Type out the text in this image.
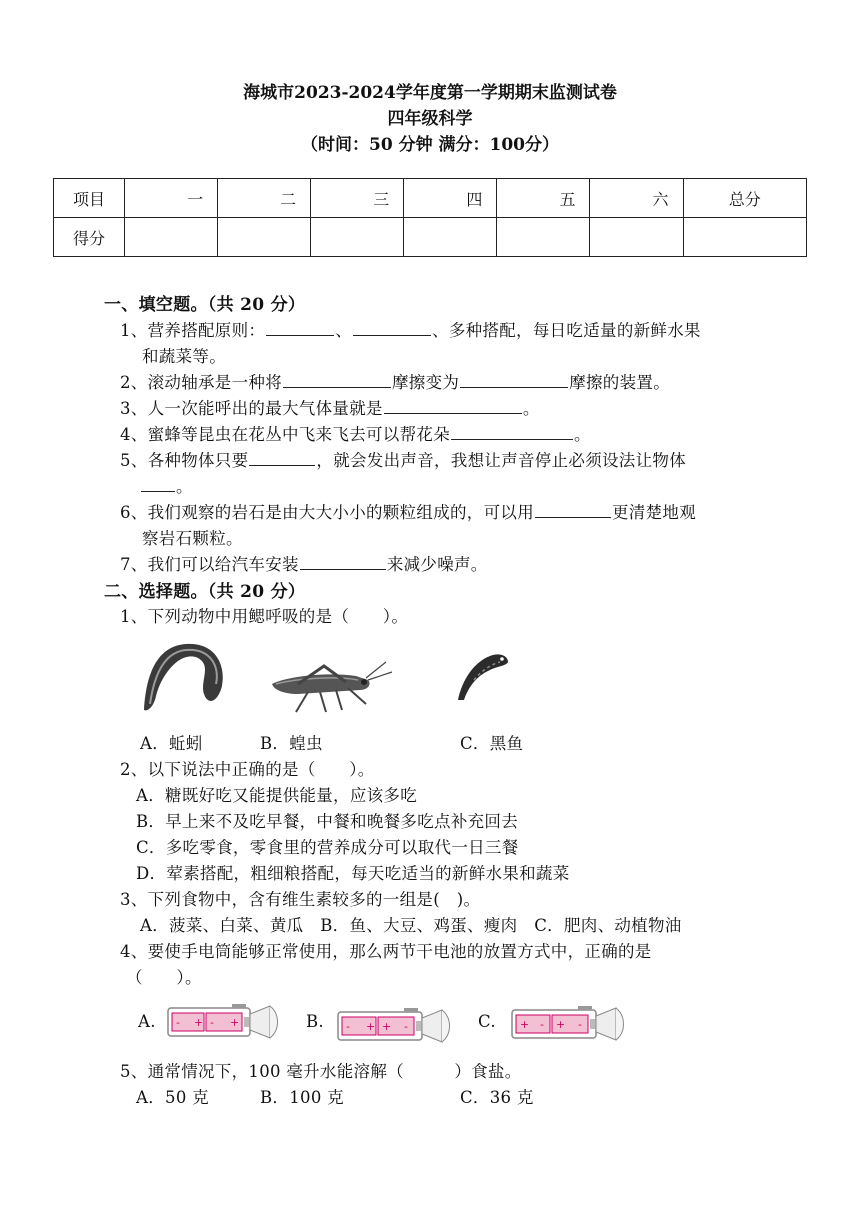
海城市2023-2024学年度第一学期期末监测试卷
四年级科学
（时间：50 分钟 满分：100分）
项目	一	二	三	四	五	六	总分
得分							
一、填空题。（共 20 分）
1、营养搭配原则：	、	、多种搭配，每日吃适量的新鲜水果
和蔬菜等。
2、滚动轴承是一种将	摩擦变为	摩擦的装置。
3、人一次能呼出的最大气体量就是	。
4、蜜蜂等昆虫在花丛中飞来飞去可以帮花朵	。
5、各种物体只要	，就会发出声音，我想让声音停止必须设法让物体
。
6、我们观察的岩石是由大大小小的颗粒组成的，可以用	更清楚地观
察岩石颗粒。
7、我们可以给汽车安装	来减少噪声。
二、选择题。（共 20 分）
1、下列动物中用鳃呼吸的是（　　）。
A．蚯蚓	B．蝗虫	C．黑鱼
2、以下说法中正确的是（　　）。
A．糖既好吃又能提供能量，应该多吃
B．早上来不及吃早餐，中餐和晚餐多吃点补充回去
C．多吃零食，零食里的营养成分可以取代一日三餐
D．荤素搭配，粗细粮搭配，每天吃适当的新鲜水果和蔬菜
3、下列食物中，含有维生素较多的一组是(　)。
A．菠菜、白菜、黄瓜　B．鱼、大豆、鸡蛋、瘦肉　C．肥肉、动植物油
4、要使手电筒能够正常使用，那么两节干电池的放置方式中，正确的是
（　　）。
A. - + - +	B. - + + -	C. + - + -
5、通常情况下，100 毫升水能溶解（　　　）食盐。
A．50 克	B．100 克	C．36 克
